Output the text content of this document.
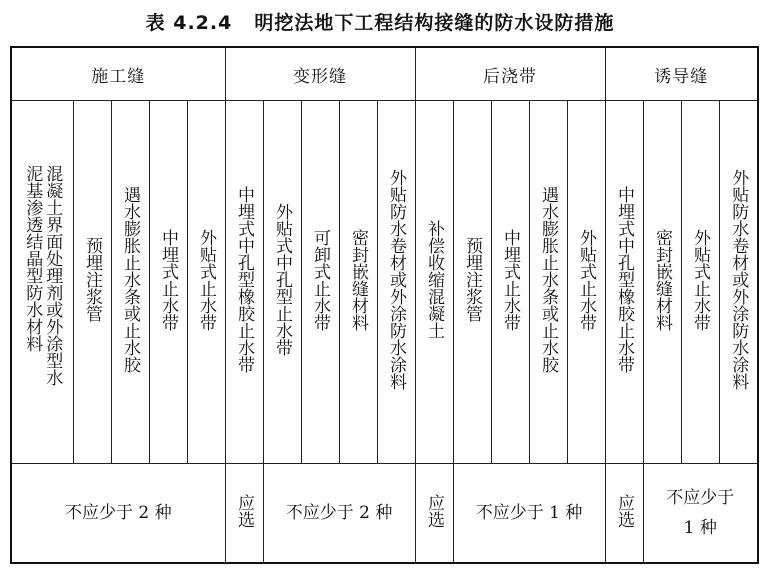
表 4.2.4 明挖法地下工程结构接缝的防水设防措施
施工缝					变形缝					后浇带					诱导缝			
混凝土界面处理剂或外涂型水泥基渗透结晶型防水材料	预埋注浆管	遇水膨胀止水条或止水胶	中埋式止水带	外贴式止水带	中埋式中孔型橡胶止水带	外贴式中孔型止水带	可卸式止水带	密封嵌缝材料	外贴防水卷材或外涂防水涂料	补偿收缩混凝土	预埋注浆管	中埋式止水带	遇水膨胀止水条或止水胶	外贴式止水带	中埋式中孔型橡胶止水带	密封嵌缝材料	外贴式止水带	外贴防水卷材或外涂防水涂料
不应少于 2 种					应选	不应少于 2 种				应选	不应少于 1 种				应选	不应少于
1 种		
